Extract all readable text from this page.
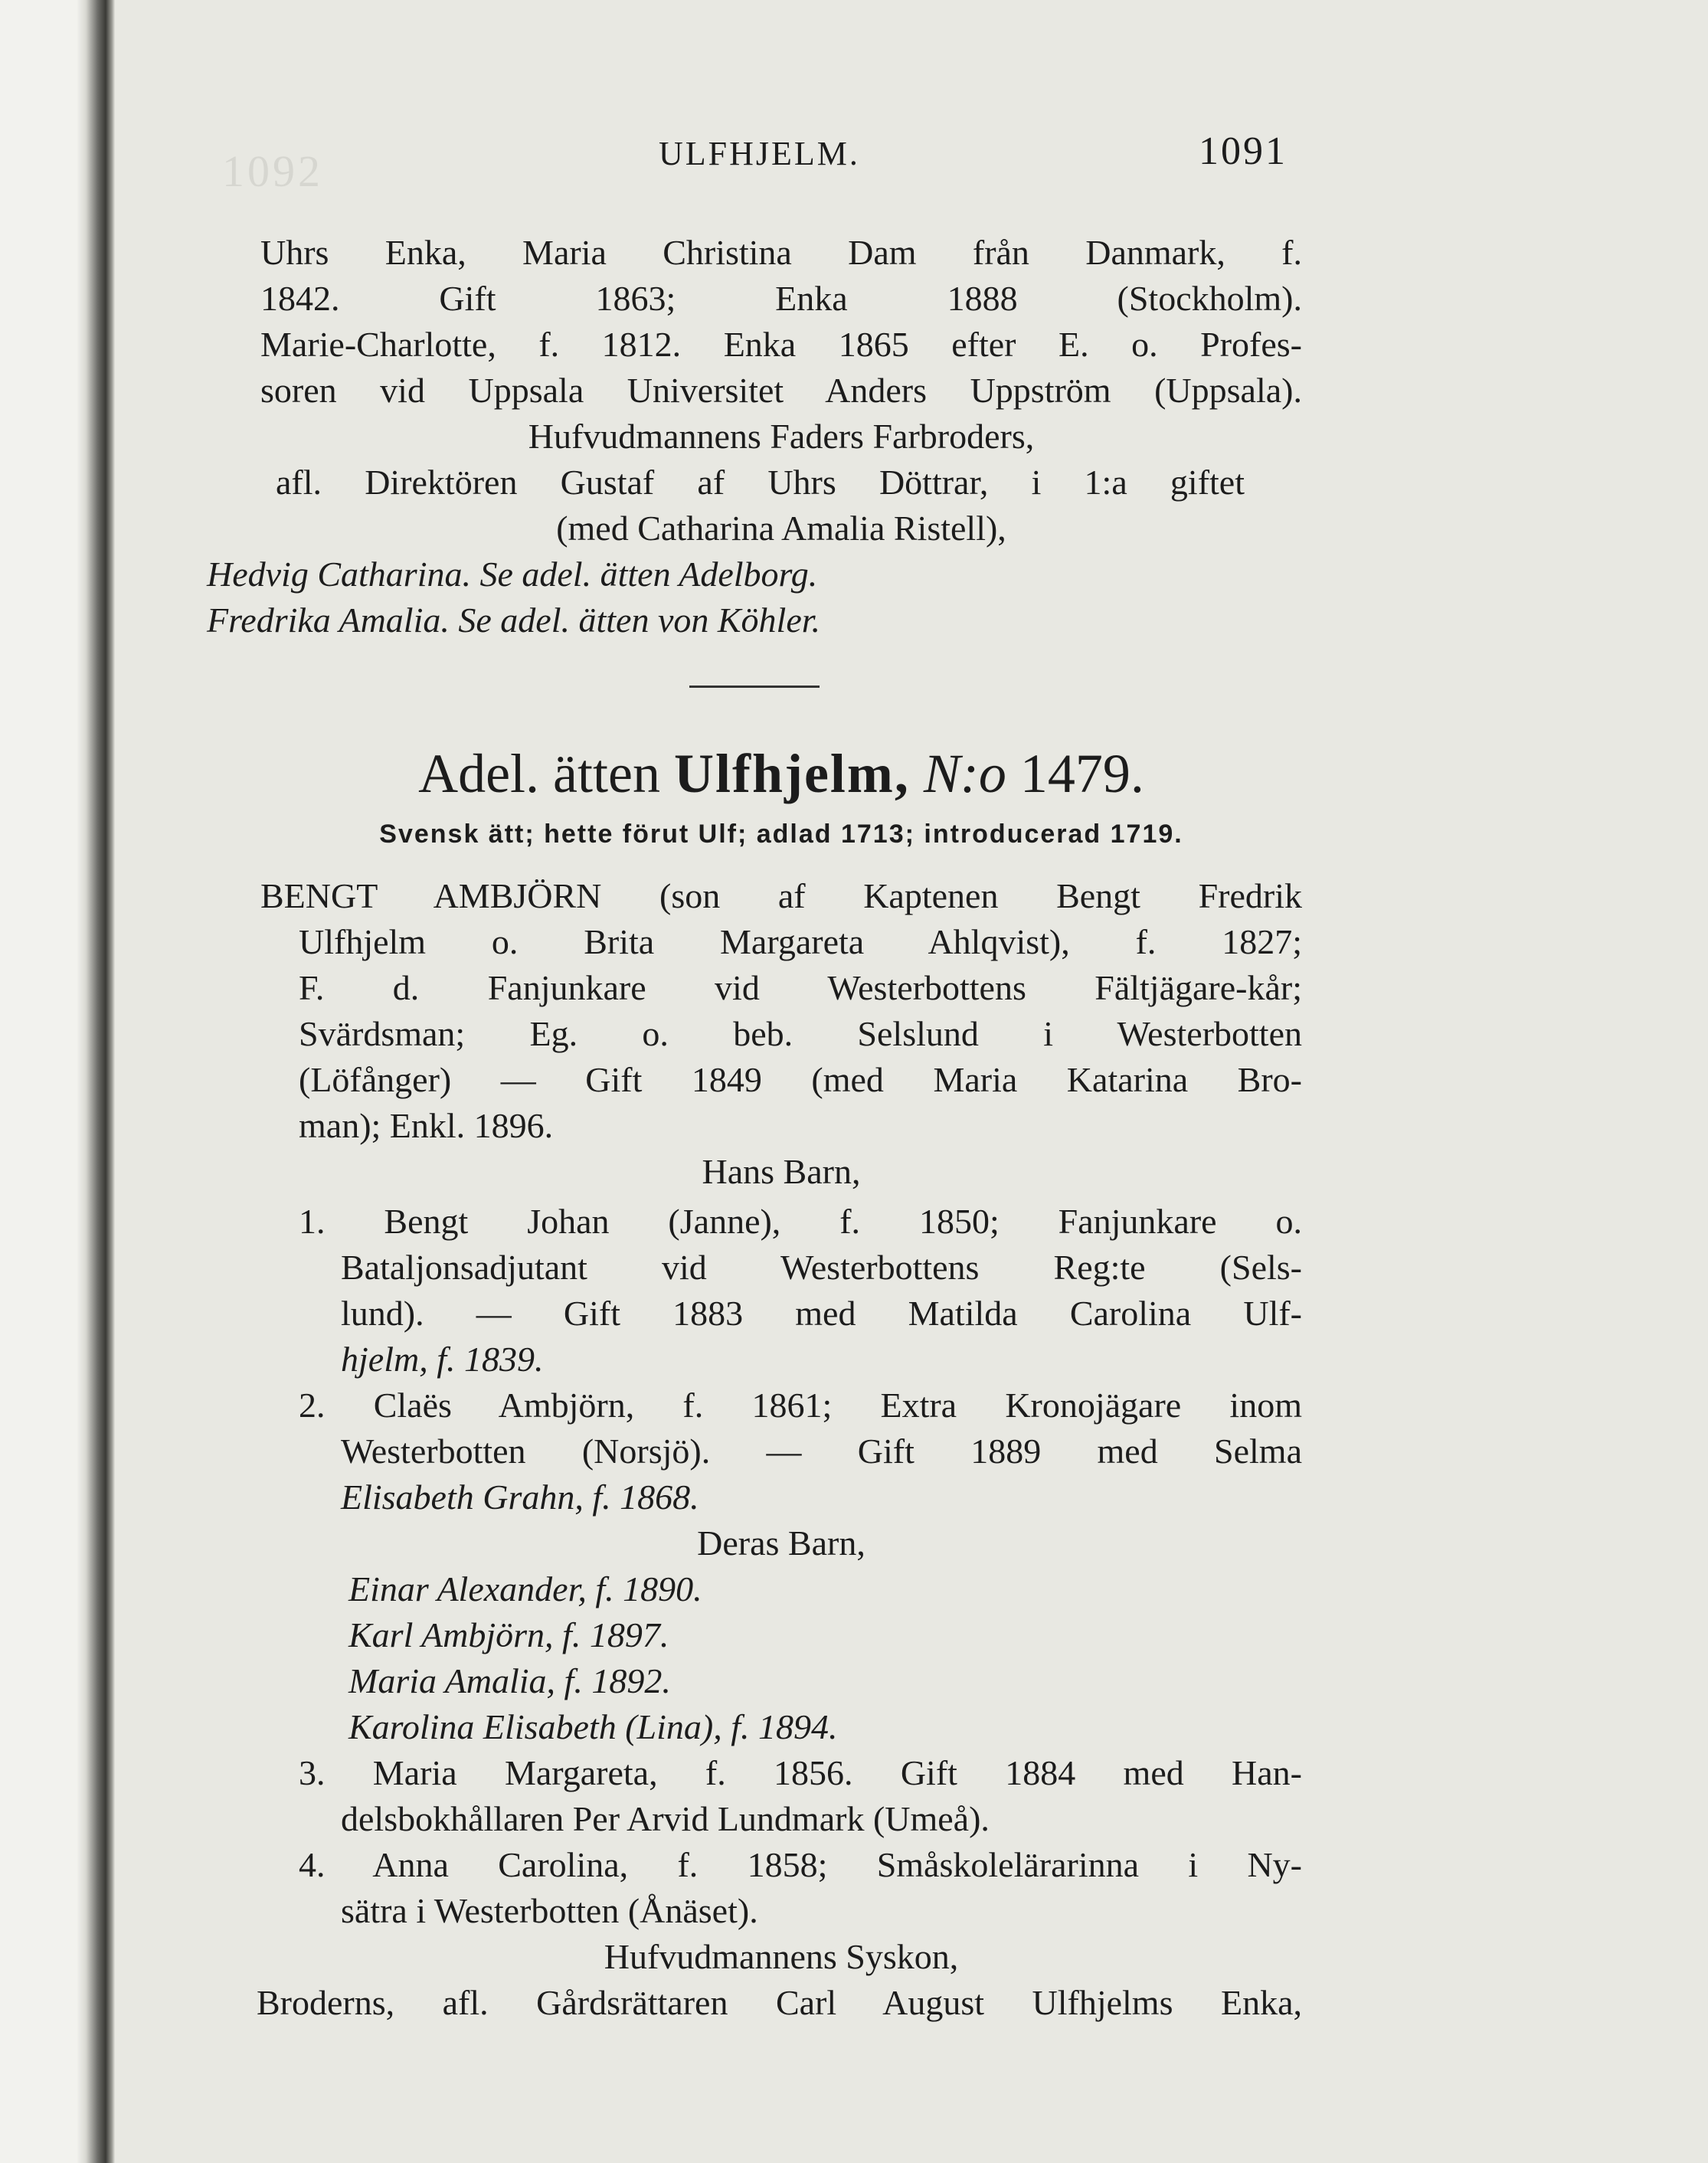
1092	ULFHJELM.	1091

Uhrs Enka, Maria Christina Dam från Danmark, f.

1842. Gift 1863; Enka 1888 (Stockholm).

Marie-Charlotte, f. 1812. Enka 1865 efter E. o. Profes-

soren vid Uppsala Universitet Anders Uppström (Uppsala).

Hufvudmannens Faders Farbroders,

afl. Direktören Gustaf af Uhrs Döttrar, i 1:a giftet

(med Catharina Amalia Ristell),

Hedvig Catharina. Se adel. ätten Adelborg.

Fredrika Amalia. Se adel. ätten von Köhler.

Adel. ätten Ulfhjelm, N:o 1479.
Svensk ätt; hette förut Ulf; adlad 1713; introducerad 1719.

BENGT AMBJÖRN (son af Kaptenen Bengt Fredrik

Ulfhjelm o. Brita Margareta Ahlqvist), f. 1827;

F. d. Fanjunkare vid Westerbottens Fältjägare-kår;

Svärdsman; Eg. o. beb. Selslund i Westerbotten

(Löfånger) — Gift 1849 (med Maria Katarina Bro-

man); Enkl. 1896.

Hans Barn,

1. Bengt Johan (Janne), f. 1850; Fanjunkare o.

Bataljonsadjutant vid Westerbottens Reg:te (Sels-

lund). — Gift 1883 med Matilda Carolina Ulf-

hjelm, f. 1839.

2. Claës Ambjörn, f. 1861; Extra Kronojägare inom

Westerbotten (Norsjö). — Gift 1889 med Selma

Elisabeth Grahn, f. 1868.

Deras Barn,

Einar Alexander, f. 1890.

Karl Ambjörn, f. 1897.

Maria Amalia, f. 1892.

Karolina Elisabeth (Lina), f. 1894.

3. Maria Margareta, f. 1856. Gift 1884 med Han-

delsbokhållaren Per Arvid Lundmark (Umeå).

4. Anna Carolina, f. 1858; Småskolelärarinna i Ny-

sätra i Westerbotten (Ånäset).

Hufvudmannens Syskon,

Broderns, afl. Gårdsrättaren Carl August Ulfhjelms Enka,
